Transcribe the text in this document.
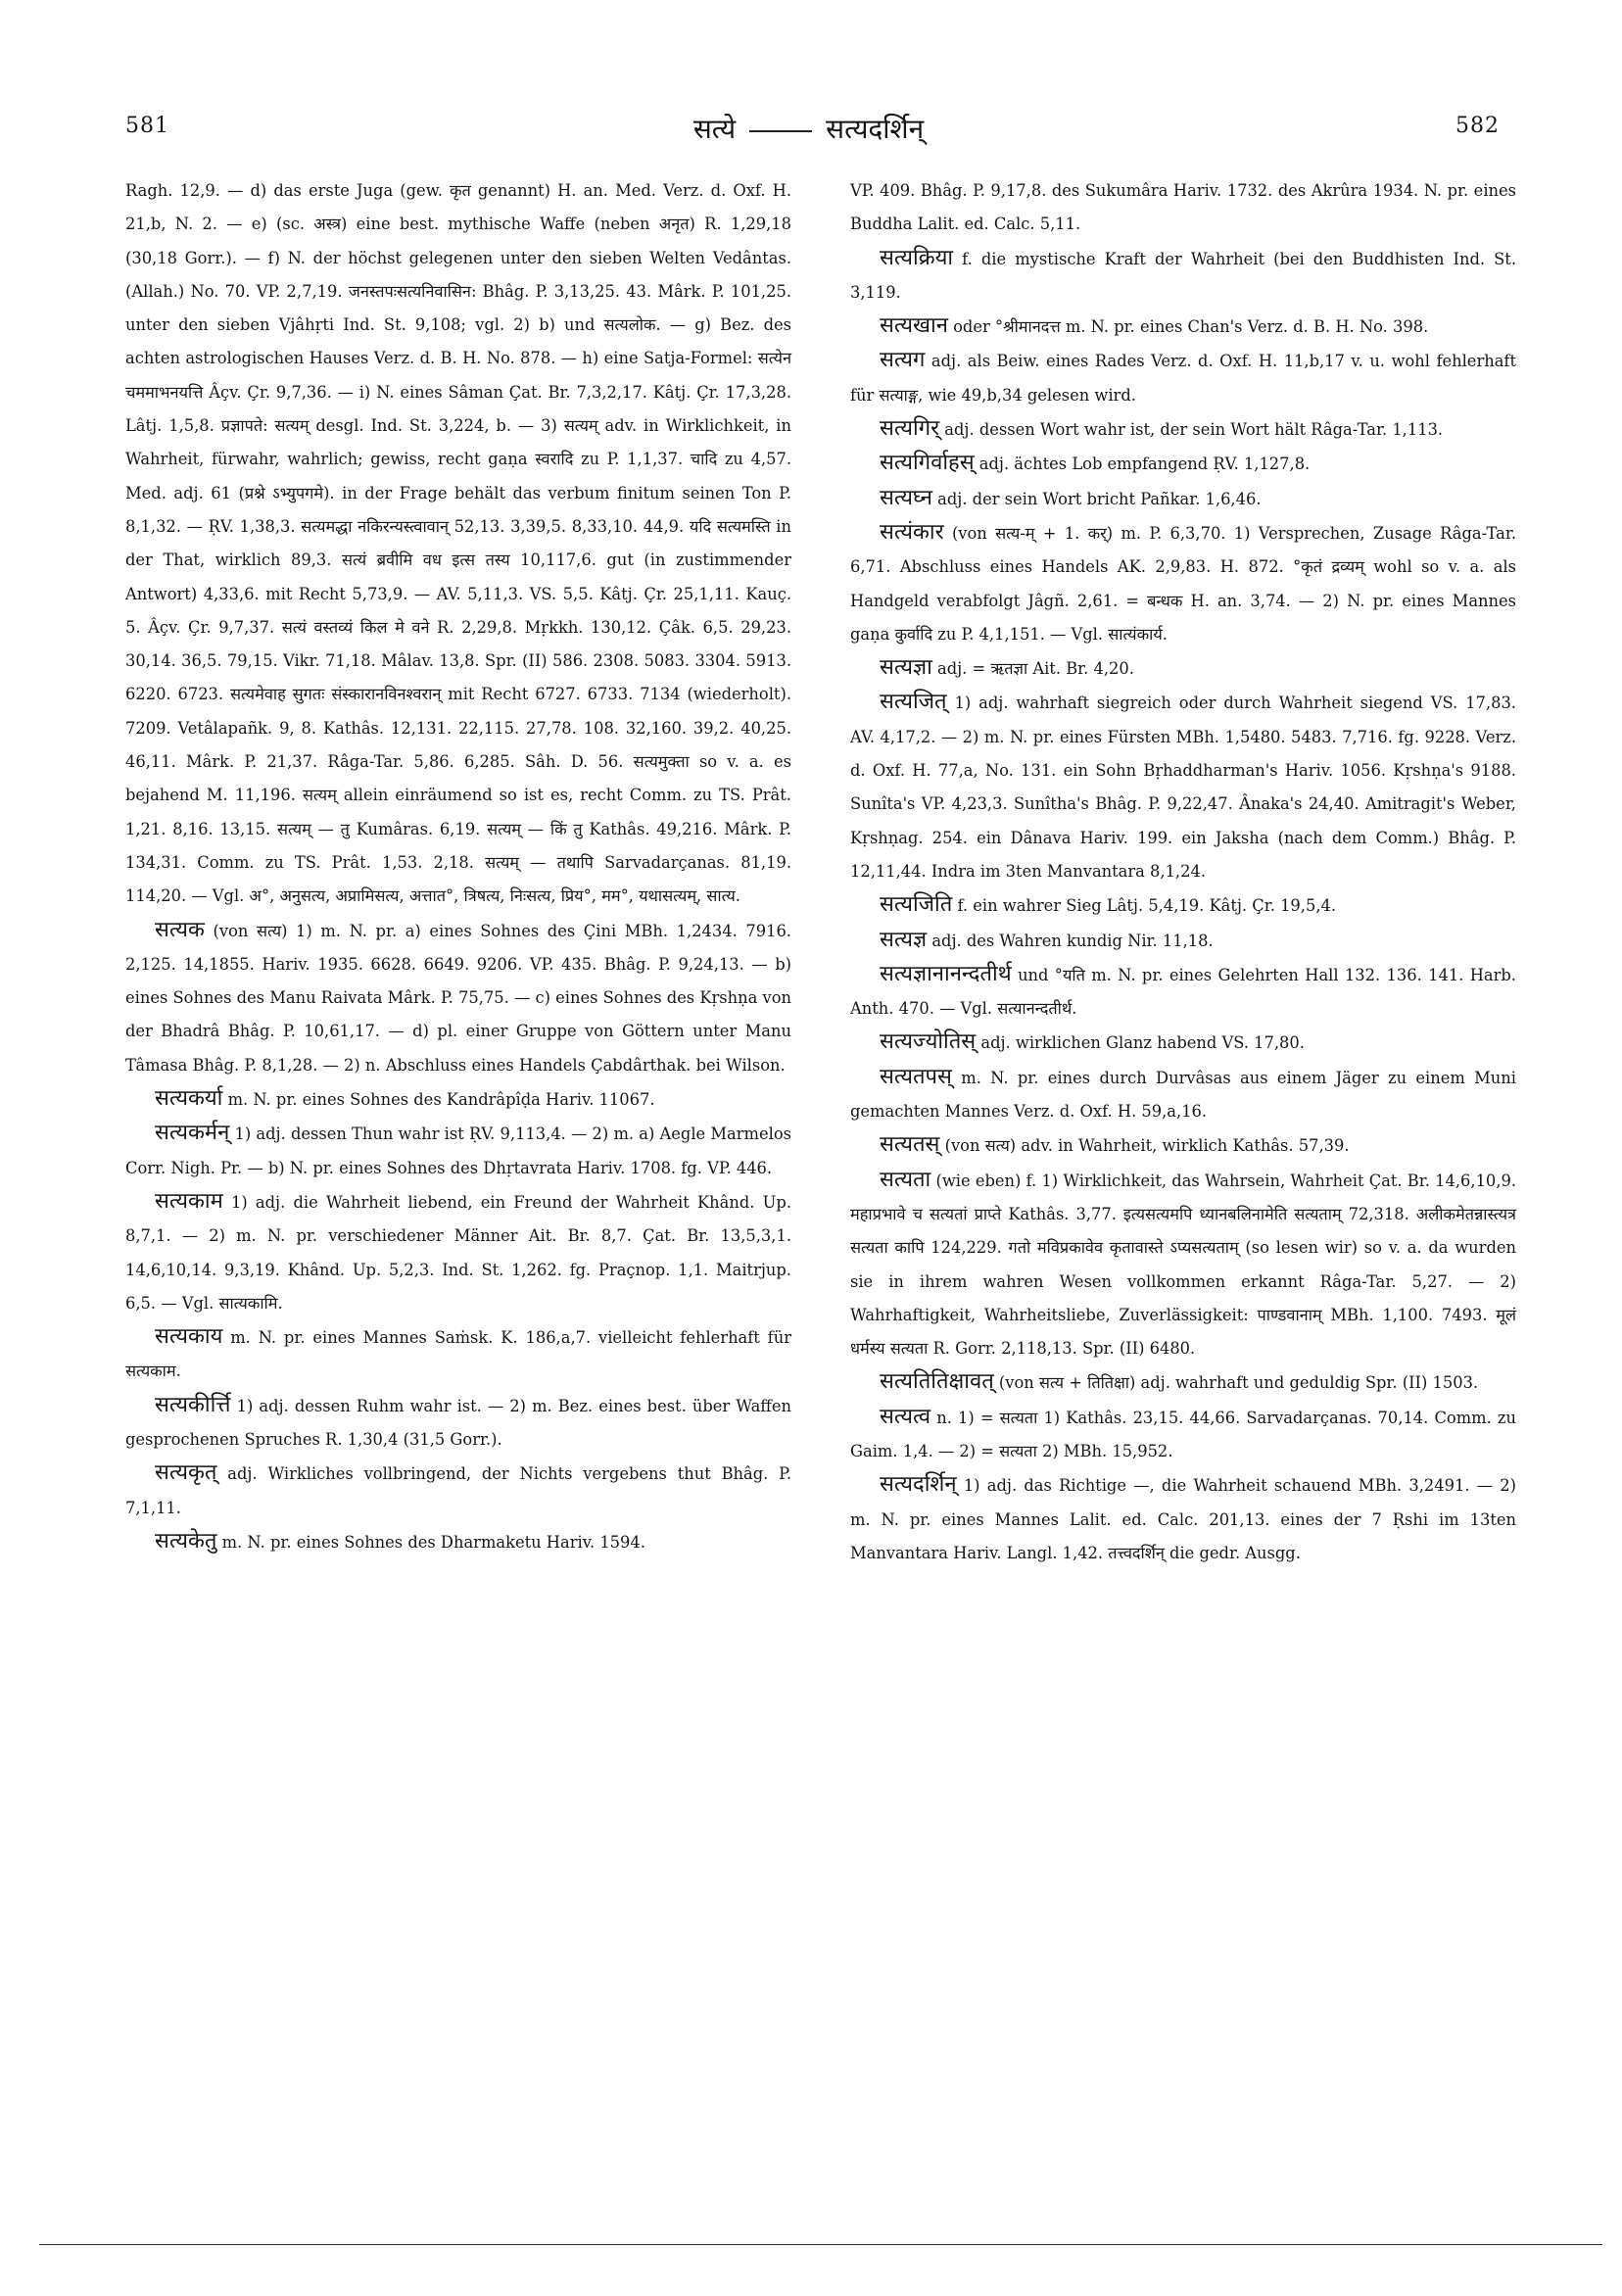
581	सत्ये	सत्यदर्शिन्	582

Ragh. 12,9. — d) das erste Juga (gew. कृत genannt) H. an. Med. Verz. d. Oxf. H. 21,b, N. 2. — e) (sc. अस्त्र) eine best. mythische Waffe (neben अनृत) R. 1,29,18 (30,18 Gorr.). — f) N. der höchst gelegenen unter den sieben Welten Vedântas. (Allah.) No. 70. VP. 2,7,19. जनस्तपःसत्यनिवासिन: Bhâg. P. 3,13,25. 43. Mârk. P. 101,25. unter den sieben Vjâhṛti Ind. St. 9,108; vgl. 2) b) und सत्यलोक. — g) Bez. des achten astrologischen Hauses Verz. d. B. H. No. 878. — h) eine Satja-Formel: सत्येन चममाभनयत्ति Âçv. Çr. 9,7,36. — i) N. eines Sâman Çat. Br. 7,3,2,17. Kâtj. Çr. 17,3,28. Lâtj. 1,5,8. प्रज्ञापते: सत्यम् desgl. Ind. St. 3,224, b. — 3) सत्यम् adv. in Wirklichkeit, in Wahrheit, fürwahr, wahrlich; gewiss, recht gaṇa स्वरादि zu P. 1,1,37. चादि zu 4,57. Med. adj. 61 (प्रश्ने ऽभ्युपगमे). in der Frage behält das verbum finitum seinen Ton P. 8,1,32. — ṚV. 1,38,3. सत्यमद्धा नकिरन्यस्त्वावान् 52,13. 3,39,5. 8,33,10. 44,9. यदि सत्यमस्ति in der That, wirklich 89,3. सत्यं ब्रवीमि वध इत्स तस्य 10,117,6. gut (in zustimmender Antwort) 4,33,6. mit Recht 5,73,9. — AV. 5,11,3. VS. 5,5. Kâtj. Çr. 25,1,11. Kauç. 5. Âçv. Çr. 9,7,37. सत्यं वस्तव्यं किल मे वने R. 2,29,8. Mṛkkh. 130,12. Çâk. 6,5. 29,23. 30,14. 36,5. 79,15. Vikr. 71,18. Mâlav. 13,8. Spr. (II) 586. 2308. 5083. 3304. 5913. 6220. 6723. सत्यमेवाह सुगतः संस्कारानविनश्वरान् mit Recht 6727. 6733. 7134 (wiederholt). 7209. Vetâlapañk. 9, 8. Kathâs. 12,131. 22,115. 27,78. 108. 32,160. 39,2. 40,25. 46,11. Mârk. P. 21,37. Râga-Tar. 5,86. 6,285. Sâh. D. 56. सत्यमुक्ता so v. a. es bejahend M. 11,196. सत्यम् allein einräumend so ist es, recht Comm. zu TS. Prât. 1,21. 8,16. 13,15. सत्यम् — तु Kumâras. 6,19. सत्यम् — किं तु Kathâs. 49,216. Mârk. P. 134,31. Comm. zu TS. Prât. 1,53. 2,18. सत्यम् — तथापि Sarvadarçanas. 81,19. 114,20. — Vgl. अ°, अनुसत्य, अप्रामिसत्य, अत्तात°, त्रिषत्य, निःसत्य, प्रिय°, मम°, यथासत्यम्, सात्य.

सत्यक (von सत्य) 1) m. N. pr. a) eines Sohnes des Çini MBh. 1,2434. 7916. 2,125. 14,1855. Hariv. 1935. 6628. 6649. 9206. VP. 435. Bhâg. P. 9,24,13. — b) eines Sohnes des Manu Raivata Mârk. P. 75,75. — c) eines Sohnes des Kṛshṇa von der Bhadrâ Bhâg. P. 10,61,17. — d) pl. einer Gruppe von Göttern unter Manu Tâmasa Bhâg. P. 8,1,28. — 2) n. Abschluss eines Handels Çabdârthak. bei Wilson.

सत्यकर्या m. N. pr. eines Sohnes des Kandrâpîḍa Hariv. 11067.

सत्यकर्मन् 1) adj. dessen Thun wahr ist ṚV. 9,113,4. — 2) m. a) Aegle Marmelos Corr. Nigh. Pr. — b) N. pr. eines Sohnes des Dhṛtavrata Hariv. 1708. fg. VP. 446.

सत्यकाम 1) adj. die Wahrheit liebend, ein Freund der Wahrheit Khând. Up. 8,7,1. — 2) m. N. pr. verschiedener Männer Ait. Br. 8,7. Çat. Br. 13,5,3,1. 14,6,10,14. 9,3,19. Khând. Up. 5,2,3. Ind. St. 1,262. fg. Praçnop. 1,1. Maitrjup. 6,5. — Vgl. सात्यकामि.

सत्यकाय m. N. pr. eines Mannes Saṁsk. K. 186,a,7. vielleicht fehlerhaft für सत्यकाम.

सत्यकीर्त्ति 1) adj. dessen Ruhm wahr ist. — 2) m. Bez. eines best. über Waffen gesprochenen Spruches R. 1,30,4 (31,5 Gorr.).

सत्यकृत् adj. Wirkliches vollbringend, der Nichts vergebens thut Bhâg. P. 7,1,11.

सत्यकेतु m. N. pr. eines Sohnes des Dharmaketu Hariv. 1594.

VP. 409. Bhâg. P. 9,17,8. des Sukumâra Hariv. 1732. des Akrûra 1934. N. pr. eines Buddha Lalit. ed. Calc. 5,11.

सत्यक्रिया f. die mystische Kraft der Wahrheit (bei den Buddhisten Ind. St. 3,119.

सत्यखान oder °श्रीमानदत्त m. N. pr. eines Chan's Verz. d. B. H. No. 398.

सत्यग adj. als Beiw. eines Rades Verz. d. Oxf. H. 11,b,17 v. u. wohl fehlerhaft für सत्याङ्ग, wie 49,b,34 gelesen wird.

सत्यगिर् adj. dessen Wort wahr ist, der sein Wort hält Râga-Tar. 1,113.

सत्यगिर्वाहस् adj. ächtes Lob empfangend ṚV. 1,127,8.

सत्यघ्न adj. der sein Wort bricht Pañkar. 1,6,46.

सत्यंकार (von सत्य-म् + 1. कर्) m. P. 6,3,70. 1) Versprechen, Zusage Râga-Tar. 6,71. Abschluss eines Handels AK. 2,9,83. H. 872. °कृतं द्रव्यम् wohl so v. a. als Handgeld verabfolgt Jâgñ. 2,61. = बन्धक H. an. 3,74. — 2) N. pr. eines Mannes gaṇa कुर्वादि zu P. 4,1,151. — Vgl. सात्यंकार्य.

सत्यज्ञा adj. = ऋतज्ञा Ait. Br. 4,20.

सत्यजित् 1) adj. wahrhaft siegreich oder durch Wahrheit siegend VS. 17,83. AV. 4,17,2. — 2) m. N. pr. eines Fürsten MBh. 1,5480. 5483. 7,716. fg. 9228. Verz. d. Oxf. H. 77,a, No. 131. ein Sohn Bṛhaddharman's Hariv. 1056. Kṛshṇa's 9188. Sunîta's VP. 4,23,3. Sunîtha's Bhâg. P. 9,22,47. Ânaka's 24,40. Amitragit's Weber, Kṛshṇag. 254. ein Dânava Hariv. 199. ein Jaksha (nach dem Comm.) Bhâg. P. 12,11,44. Indra im 3ten Manvantara 8,1,24.

सत्यजिति f. ein wahrer Sieg Lâtj. 5,4,19. Kâtj. Çr. 19,5,4.

सत्यज्ञ adj. des Wahren kundig Nir. 11,18.

सत्यज्ञानानन्दतीर्थ und °यति m. N. pr. eines Gelehrten Hall 132. 136. 141. Harb. Anth. 470. — Vgl. सत्यानन्दतीर्थ.

सत्यज्योतिस् adj. wirklichen Glanz habend VS. 17,80.

सत्यतपस् m. N. pr. eines durch Durvâsas aus einem Jäger zu einem Muni gemachten Mannes Verz. d. Oxf. H. 59,a,16.

सत्यतस् (von सत्य) adv. in Wahrheit, wirklich Kathâs. 57,39.

सत्यता (wie eben) f. 1) Wirklichkeit, das Wahrsein, Wahrheit Çat. Br. 14,6,10,9. महाप्रभावे च सत्यतां प्राप्ते Kathâs. 3,77. इत्यसत्यमपि ध्यानबलिनामेति सत्यताम् 72,318. अलीकमेतन्नास्त्यत्र सत्यता कापि 124,229. गतो मविप्रकावेव कृतावास्ते ऽप्यसत्यताम् (so lesen wir) so v. a. da wurden sie in ihrem wahren Wesen vollkommen erkannt Râga-Tar. 5,27. — 2) Wahrhaftigkeit, Wahrheitsliebe, Zuverlässigkeit: पाण्डवानाम् MBh. 1,100. 7493. मूलं धर्मस्य सत्यता R. Gorr. 2,118,13. Spr. (II) 6480.

सत्यतितिक्षावत् (von सत्य + तितिक्षा) adj. wahrhaft und geduldig Spr. (II) 1503.

सत्यत्व n. 1) = सत्यता 1) Kathâs. 23,15. 44,66. Sarvadarçanas. 70,14. Comm. zu Gaim. 1,4. — 2) = सत्यता 2) MBh. 15,952.

सत्यदर्शिन् 1) adj. das Richtige —, die Wahrheit schauend MBh. 3,2491. — 2) m. N. pr. eines Mannes Lalit. ed. Calc. 201,13. eines der 7 Ṛshi im 13ten Manvantara Hariv. Langl. 1,42. तत्त्वदर्शिन् die gedr. Ausgg.
